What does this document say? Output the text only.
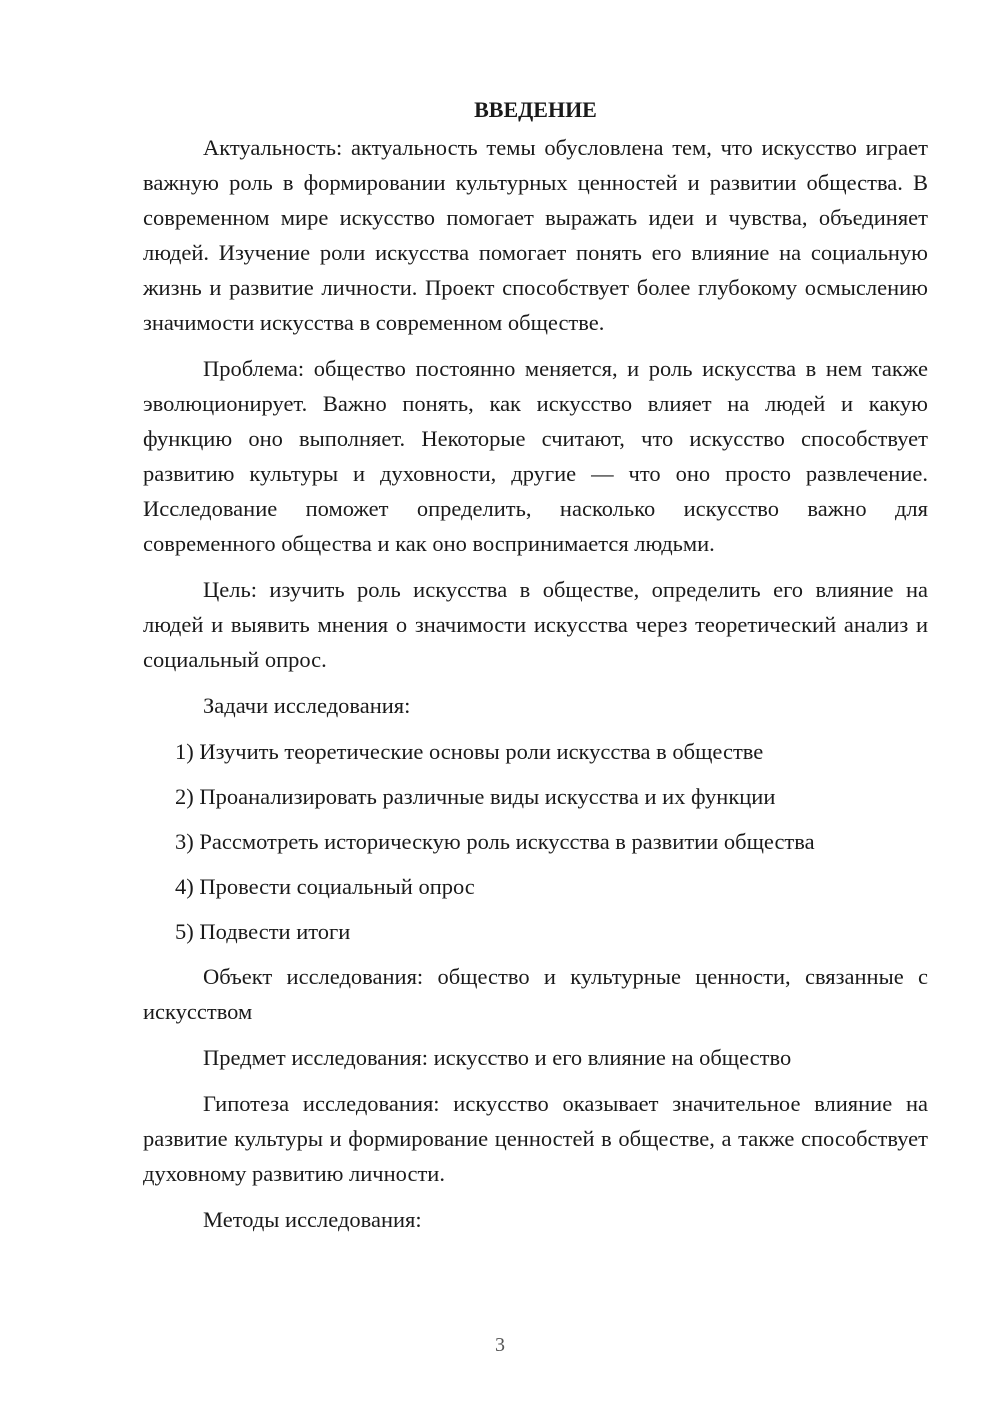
ВВЕДЕНИЕ

Актуальность: актуальность темы обусловлена тем, что искусство играет важную роль в формировании культурных ценностей и развитии общества. В современном мире искусство помогает выражать идеи и чувства, объединяет людей. Изучение роли искусства помогает понять его влияние на социальную жизнь и развитие личности. Проект способствует более глубокому осмыслению значимости искусства в современном обществе.

Проблема: общество постоянно меняется, и роль искусства в нем также эволюционирует. Важно понять, как искусство влияет на людей и какую функцию оно выполняет. Некоторые считают, что искусство способствует развитию культуры и духовности, другие — что оно просто развлечение. Исследование поможет определить, насколько искусство важно для современного общества и как оно воспринимается людьми.

Цель: изучить роль искусства в обществе, определить его влияние на людей и выявить мнения о значимости искусства через теоретический анализ и социальный опрос.

Задачи исследования:

1) Изучить теоретические основы роли искусства в обществе
2) Проанализировать различные виды искусства и их функции
3) Рассмотреть историческую роль искусства в развитии общества
4) Провести социальный опрос
5) Подвести итоги

Объект исследования: общество и культурные ценности, связанные с искусством

Предмет исследования: искусство и его влияние на общество

Гипотеза исследования: искусство оказывает значительное влияние на развитие культуры и формирование ценностей в обществе, а также способствует духовному развитию личности.

Методы исследования:

3
